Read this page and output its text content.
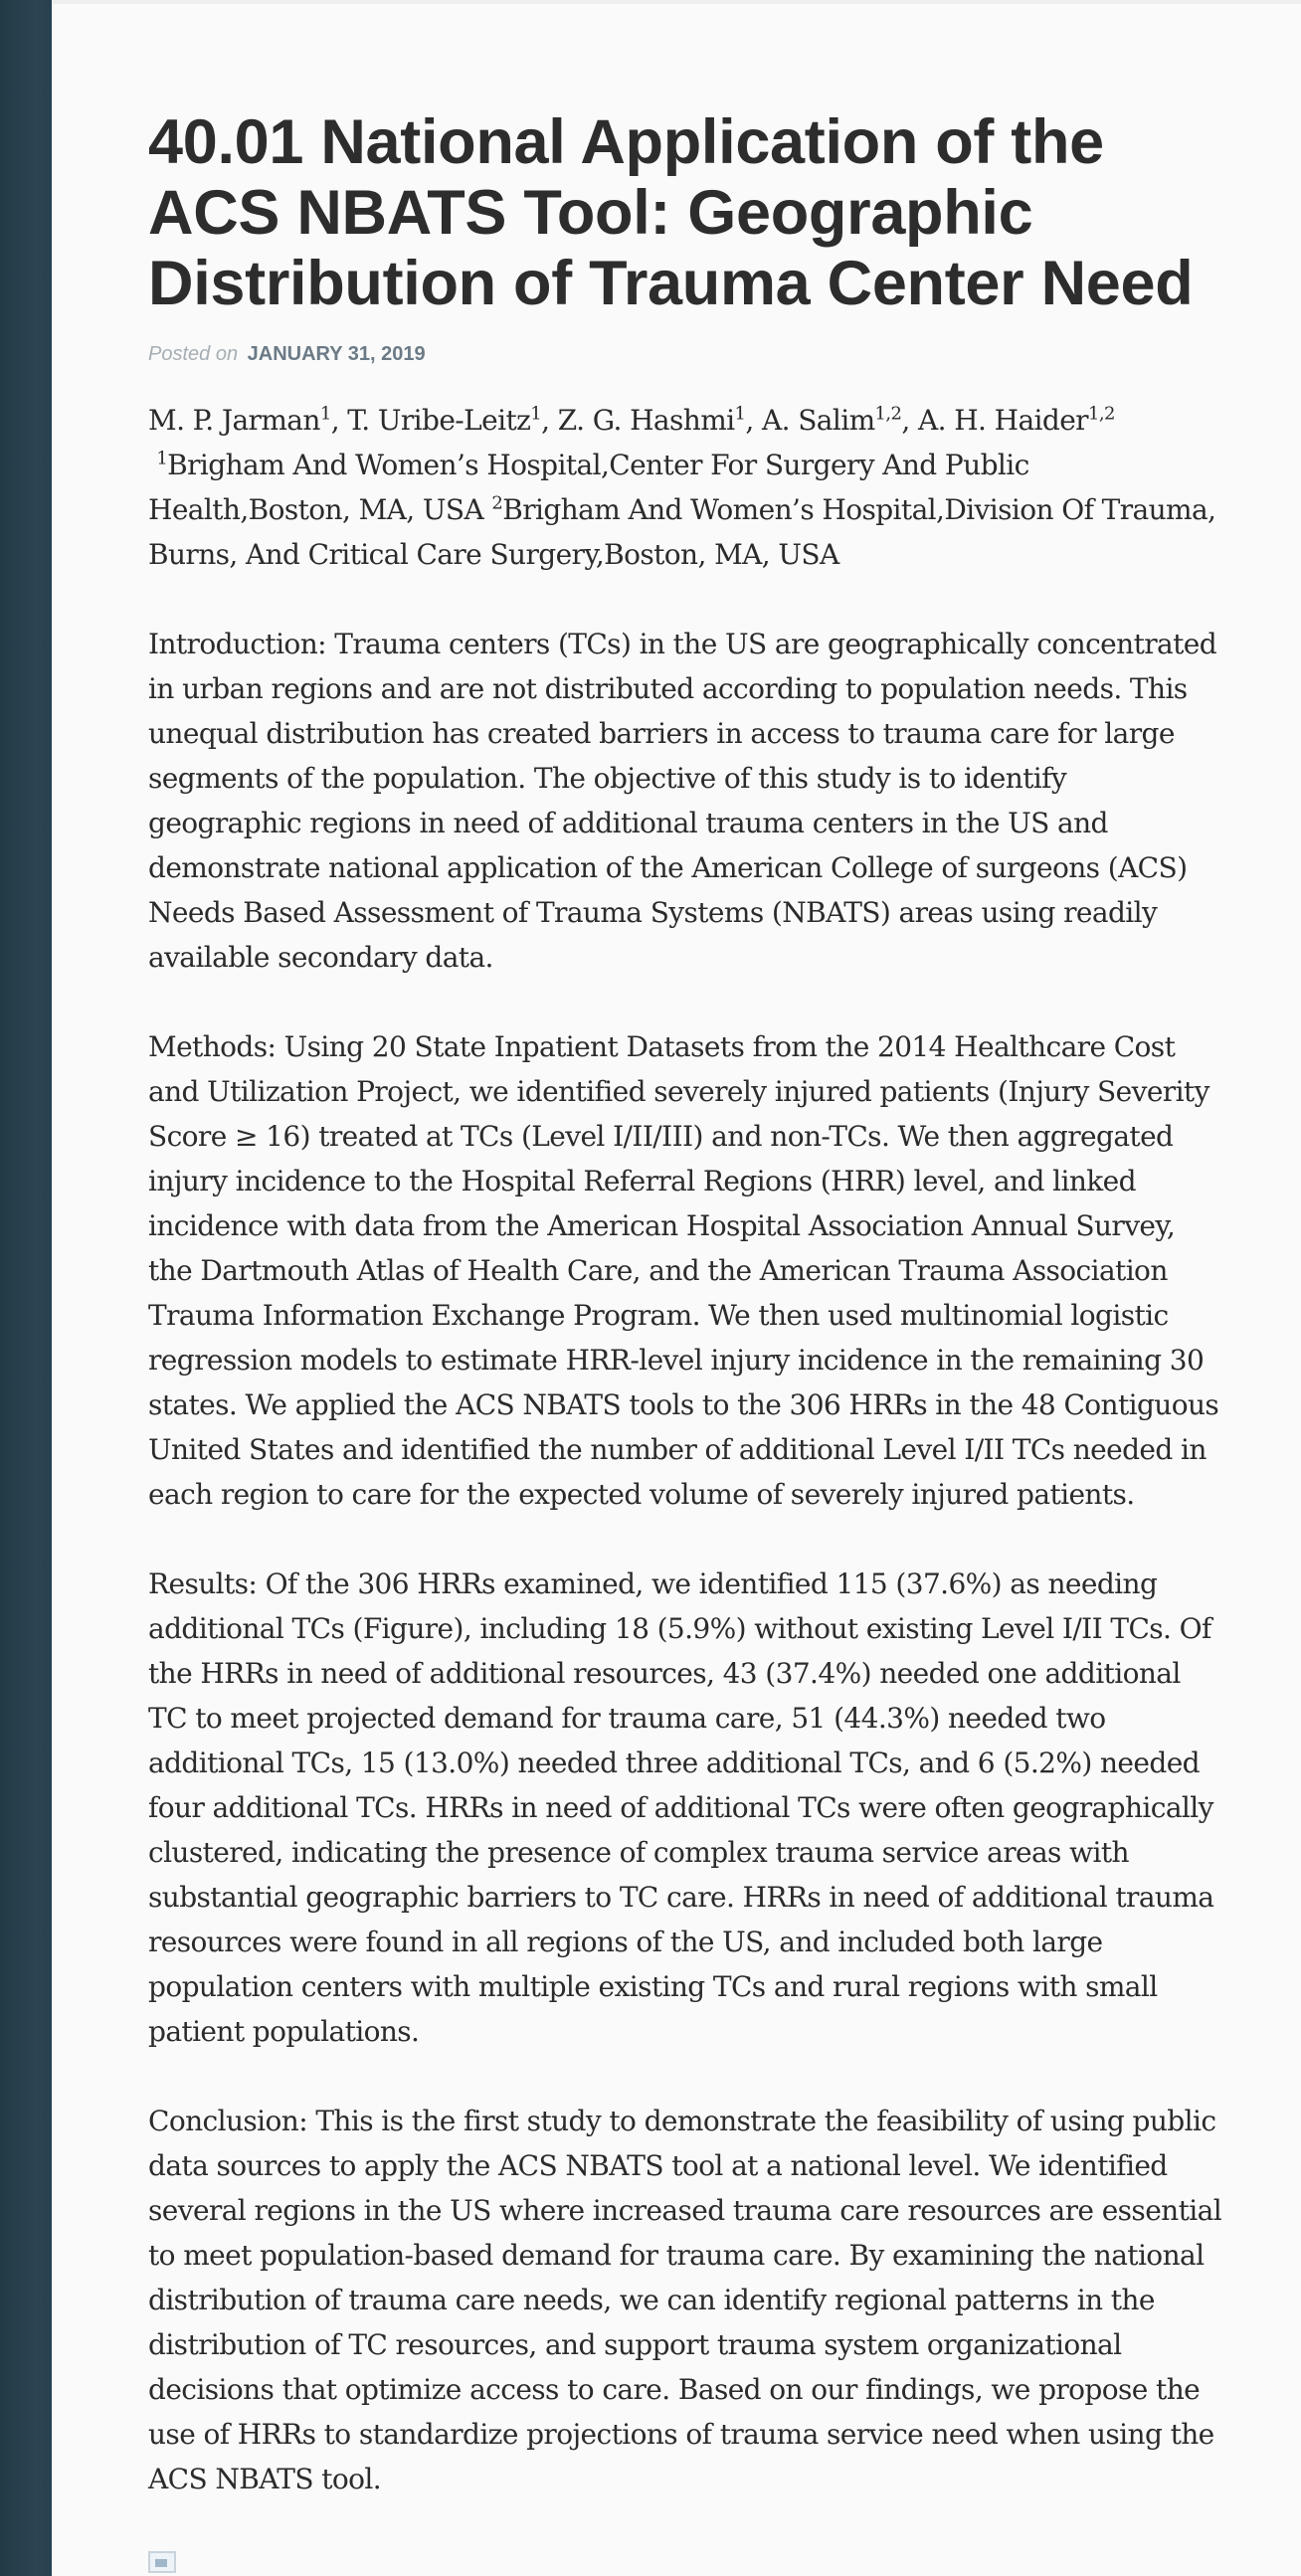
40.01 National Application of the ACS NBATS Tool: Geographic Distribution of Trauma Center Need
Posted on JANUARY 31, 2019
M. P. Jarman$^1$, T. Uribe-Leitz$^1$, Z. G. Hashmi$^1$, A. Salim$^{1,2}$, A. H. Haider$^{1,2}$  $^1$Brigham And Women’s Hospital,Center For Surgery And Public Health,Boston, MA, USA $^2$Brigham And Women’s Hospital,Division Of Trauma, Burns, And Critical Care Surgery,Boston, MA, USA

Introduction: Trauma centers (TCs) in the US are geographically concentrated in urban regions and are not distributed according to population needs. This unequal distribution has created barriers in access to trauma care for large segments of the population. The objective of this study is to identify geographic regions in need of additional trauma centers in the US and demonstrate national application of the American College of surgeons (ACS) Needs Based Assessment of Trauma Systems (NBATS) areas using readily available secondary data.

Methods: Using 20 State Inpatient Datasets from the 2014 Healthcare Cost and Utilization Project, we identified severely injured patients (Injury Severity Score ≥ 16) treated at TCs (Level I/II/III) and non-TCs. We then aggregated injury incidence to the Hospital Referral Regions (HRR) level, and linked incidence with data from the American Hospital Association Annual Survey, the Dartmouth Atlas of Health Care, and the American Trauma Association Trauma Information Exchange Program. We then used multinomial logistic regression models to estimate HRR-level injury incidence in the remaining 30 states. We applied the ACS NBATS tools to the 306 HRRs in the 48 Contiguous United States and identified the number of additional Level I/II TCs needed in each region to care for the expected volume of severely injured patients.

Results: Of the 306 HRRs examined, we identified 115 (37.6%) as needing additional TCs (Figure), including 18 (5.9%) without existing Level I/II TCs. Of the HRRs in need of additional resources, 43 (37.4%) needed one additional TC to meet projected demand for trauma care, 51 (44.3%) needed two additional TCs, 15 (13.0%) needed three additional TCs, and 6 (5.2%) needed four additional TCs. HRRs in need of additional TCs were often geographically clustered, indicating the presence of complex trauma service areas with substantial geographic barriers to TC care. HRRs in need of additional trauma resources were found in all regions of the US, and included both large population centers with multiple existing TCs and rural regions with small patient populations.

Conclusion: This is the first study to demonstrate the feasibility of using public data sources to apply the ACS NBATS tool at a national level. We identified several regions in the US where increased trauma care resources are essential to meet population-based demand for trauma care. By examining the national distribution of trauma care needs, we can identify regional patterns in the distribution of TC resources, and support trauma system organizational decisions that optimize access to care. Based on our findings, we propose the use of HRRs to standardize projections of trauma service need when using the ACS NBATS tool.
